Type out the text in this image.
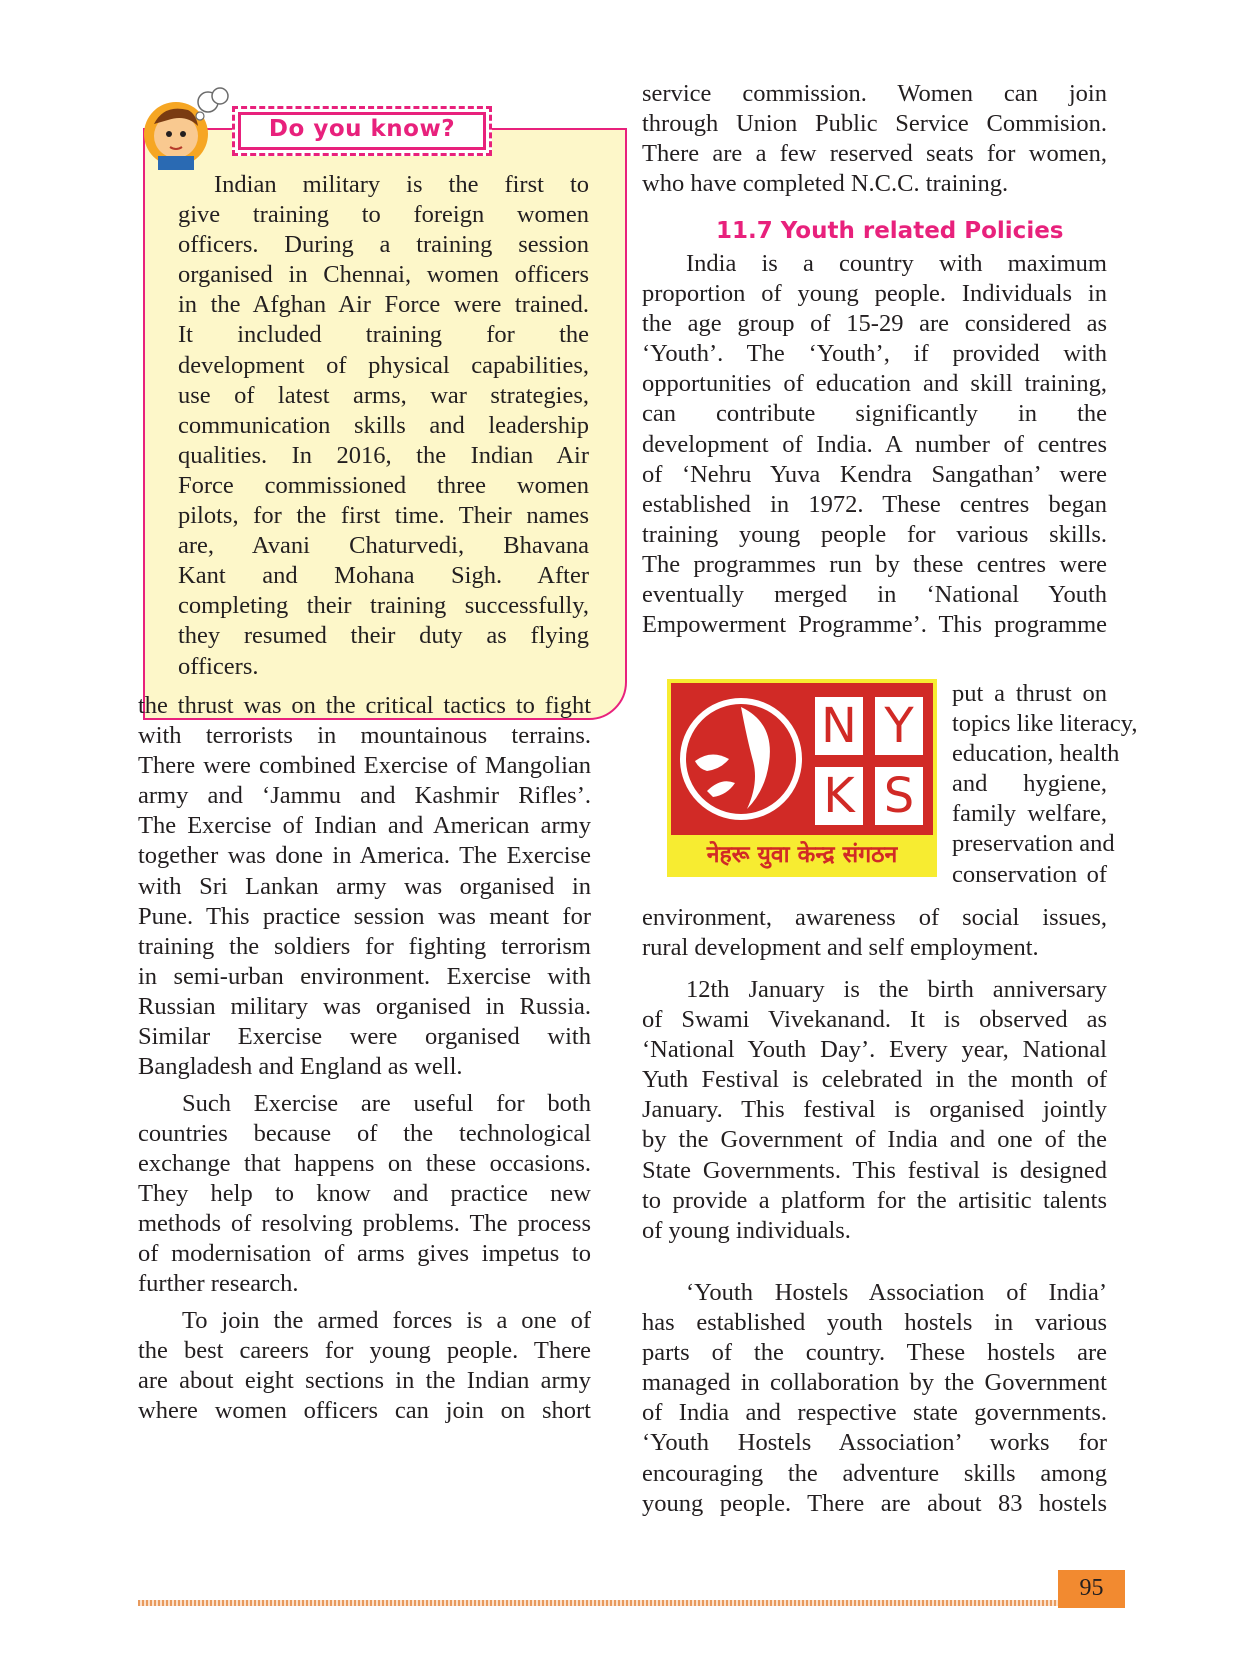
Do you know?
Indian military is the first to
give training to foreign women
officers. During a training session
organised in Chennai, women officers
in the Afghan Air Force were trained.
It included training for the
development of physical capabilities,
use of latest arms, war strategies,
communication skills and leadership
qualities. In 2016, the Indian Air
Force commissioned three women
pilots, for the first time. Their names
are, Avani Chaturvedi, Bhavana
Kant and Mohana Sigh. After
completing their training successfully,
they resumed their duty as flying
officers.
the thrust was on the critical tactics to fight
with terrorists in mountainous terrains.
There were combined Exercise of Mangolian
army and ‘Jammu and Kashmir Rifles’.
The Exercise of Indian and American army
together was done in America. The Exercise
with Sri Lankan army was organised in
Pune. This practice session was meant for
training the soldiers for fighting terrorism
in semi-urban environment. Exercise with
Russian military was organised in Russia.
Similar Exercise were organised with
Bangladesh and England as well.
Such Exercise are useful for both
countries because of the technological
exchange that happens on these occasions.
They help to know and practice new
methods of resolving problems. The process
of modernisation of arms gives impetus to
further research.
To join the armed forces is a one of
the best careers for young people. There
are about eight sections in the Indian army
where women officers can join on short
service commission. Women can join
through Union Public Service Commision.
There are a few reserved seats for women,
who have completed N.C.C. training.
11.7 Youth related Policies
India is a country with maximum
proportion of young people. Individuals in
the age group of 15-29 are considered as
‘Youth’. The ‘Youth’, if provided with
opportunities of education and skill training,
can contribute significantly in the
development of India. A number of centres
of ‘Nehru Yuva Kendra Sangathan’ were
established in 1972. These centres began
training young people for various skills.
The programmes run by these centres were
eventually merged in ‘National Youth
Empowerment Programme’. This programme
N Y
K S
नेहरू युवा केन्द्र संगठन
put a thrust on
topics like literacy,
education, health
and hygiene,
family welfare,
preservation and
conservation of
environment, awareness of social issues,
rural development and self employment.
12th January is the birth anniversary
of Swami Vivekanand. It is observed as
‘National Youth Day’. Every year, National
Yuth Festival is celebrated in the month of
January. This festival is organised jointly
by the Government of India and one of the
State Governments. This festival is designed
to provide a platform for the artisitic talents
of young individuals.
‘Youth Hostels Association of India’
has established youth hostels in various
parts of the country. These hostels are
managed in collaboration by the Government
of India and respective state governments.
‘Youth Hostels Association’ works for
encouraging the adventure skills among
young people. There are about 83 hostels
95
